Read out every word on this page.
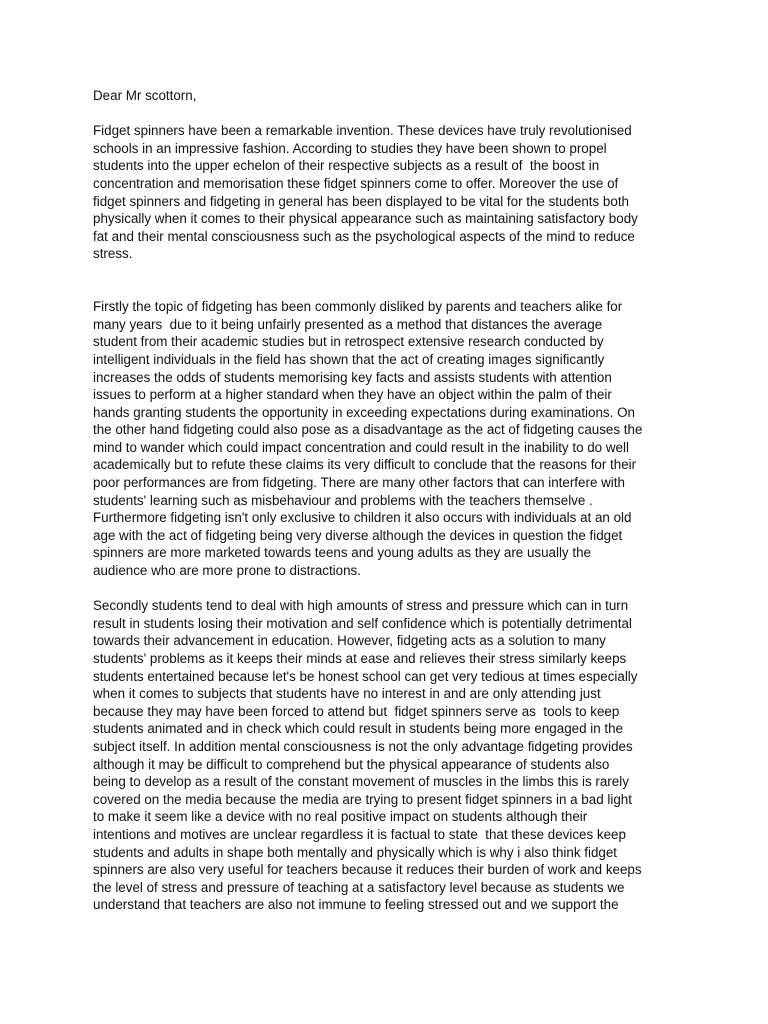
Dear Mr scottorn,
Fidget spinners have been a remarkable invention. These devices have truly revolutionised
schools in an impressive fashion. According to studies they have been shown to propel
students into the upper echelon of their respective subjects as a result of  the boost in
concentration and memorisation these fidget spinners come to offer. Moreover the use of
fidget spinners and fidgeting in general has been displayed to be vital for the students both
physically when it comes to their physical appearance such as maintaining satisfactory body
fat and their mental consciousness such as the psychological aspects of the mind to reduce
stress.
Firstly the topic of fidgeting has been commonly disliked by parents and teachers alike for
many years  due to it being unfairly presented as a method that distances the average
student from their academic studies but in retrospect extensive research conducted by
intelligent individuals in the field has shown that the act of creating images significantly
increases the odds of students memorising key facts and assists students with attention
issues to perform at a higher standard when they have an object within the palm of their
hands granting students the opportunity in exceeding expectations during examinations. On
the other hand fidgeting could also pose as a disadvantage as the act of fidgeting causes the
mind to wander which could impact concentration and could result in the inability to do well
academically but to refute these claims its very difficult to conclude that the reasons for their
poor performances are from fidgeting. There are many other factors that can interfere with
students' learning such as misbehaviour and problems with the teachers themselve .
Furthermore fidgeting isn't only exclusive to children it also occurs with individuals at an old
age with the act of fidgeting being very diverse although the devices in question the fidget
spinners are more marketed towards teens and young adults as they are usually the
audience who are more prone to distractions.
Secondly students tend to deal with high amounts of stress and pressure which can in turn
result in students losing their motivation and self confidence which is potentially detrimental
towards their advancement in education. However, fidgeting acts as a solution to many
students' problems as it keeps their minds at ease and relieves their stress similarly keeps
students entertained because let's be honest school can get very tedious at times especially
when it comes to subjects that students have no interest in and are only attending just
because they may have been forced to attend but  fidget spinners serve as  tools to keep
students animated and in check which could result in students being more engaged in the
subject itself. In addition mental consciousness is not the only advantage fidgeting provides
although it may be difficult to comprehend but the physical appearance of students also
being to develop as a result of the constant movement of muscles in the limbs this is rarely
covered on the media because the media are trying to present fidget spinners in a bad light
to make it seem like a device with no real positive impact on students although their
intentions and motives are unclear regardless it is factual to state  that these devices keep
students and adults in shape both mentally and physically which is why i also think fidget
spinners are also very useful for teachers because it reduces their burden of work and keeps
the level of stress and pressure of teaching at a satisfactory level because as students we
understand that teachers are also not immune to feeling stressed out and we support the
